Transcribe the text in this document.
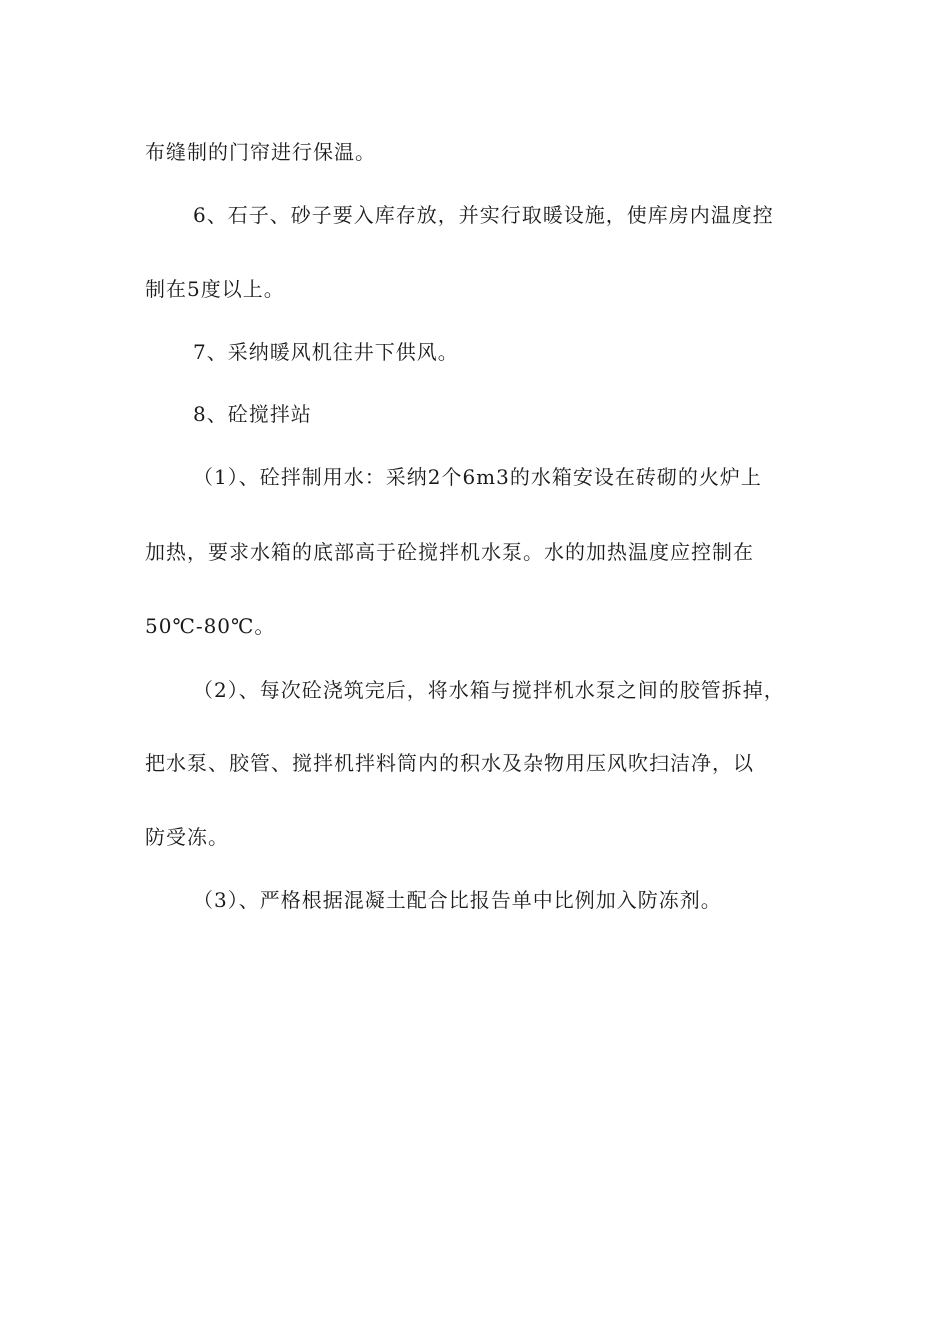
布缝制的门帘进行保温。
6、石子、砂子要入库存放，并实行取暖设施，使库房内温度控
制在5度以上。
7、采纳暖风机往井下供风。
8、砼搅拌站
（1）、砼拌制用水：采纳2个6m3的水箱安设在砖砌的火炉上
加热，要求水箱的底部高于砼搅拌机水泵。水的加热温度应控制在
50℃-80℃。
（2）、每次砼浇筑完后，将水箱与搅拌机水泵之间的胶管拆掉，
把水泵、胶管、搅拌机拌料筒内的积水及杂物用压风吹扫洁净，以
防受冻。
（3）、严格根据混凝土配合比报告单中比例加入防冻剂。
